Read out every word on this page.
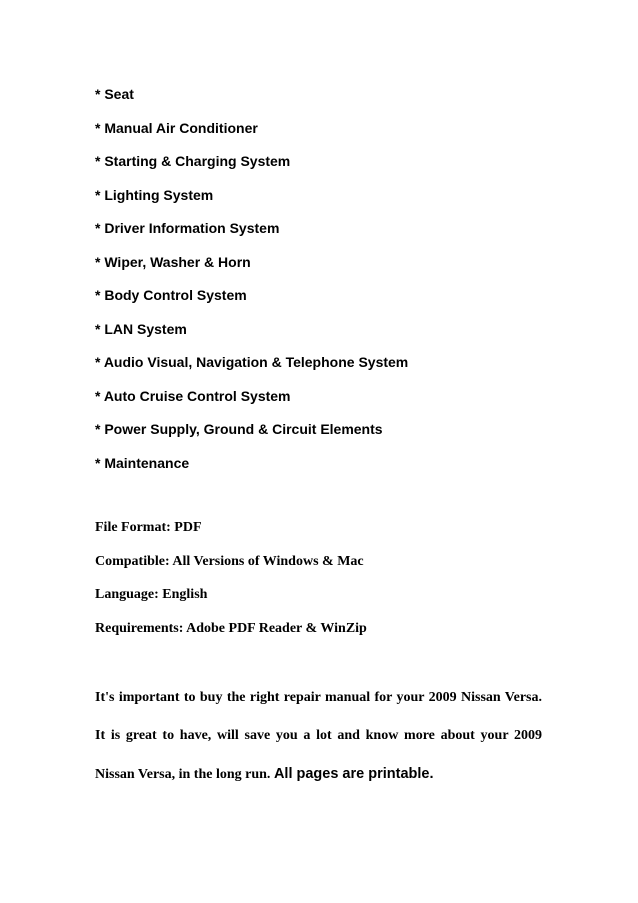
* Seat
* Manual Air Conditioner
* Starting & Charging System
* Lighting System
* Driver Information System
* Wiper, Washer & Horn
* Body Control System
* LAN System
* Audio Visual, Navigation & Telephone System
* Auto Cruise Control System
* Power Supply, Ground & Circuit Elements
* Maintenance
File Format: PDF
Compatible: All Versions of Windows & Mac
Language: English
Requirements: Adobe PDF Reader & WinZip

It's important to buy the right repair manual for your 2009 Nissan Versa. It is great to have, will save you a lot and know more about your 2009 Nissan Versa, in the long run. All pages are printable.
